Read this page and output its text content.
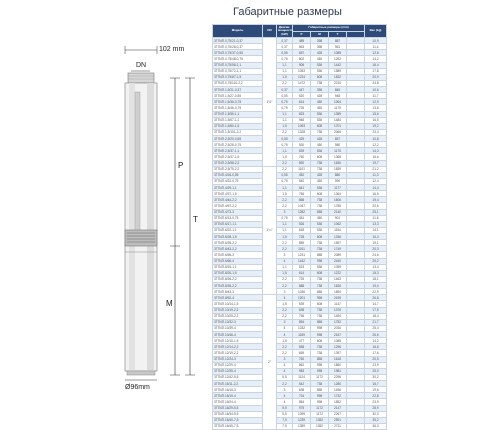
Габаритные размеры
102 mm
DN
P
T
M
Ø96mm
Модель	DN	Двиган. мощность (kW)	Габаритные размеры (mm)				Вес (kg)
			P	M	T		
3ТП4П.0,75/21-0,37	1½"	0,37	489	398	887		10,9
3ТП4П.0,75/28-0,37		0,37	563	398	961		11,4
3ТП4П.0,75/37-0,55		0,55	657	428	1085		12,8
3ТП4П.0,75/48-0,75		0,75	802	450	1252		14,2
3ТП4П.0,75/58-1,1		1,1	906	536	1442		16,4
3ТП4П.0,75/72-1,1		1,1	1053	536	1589		17,8
3ТП4П.0,75/87-1,5		1,5	1224	608	1832		20,9
3ТП4П.0,75/110-2,2		2,2	1472	738	2210		24,8
3ТП4П.1,5/21-0,37		0,37	447	398	845		10,6
3ТП4П.1,5/27-0,55		0,55	520	428	948		11,7
3ТП4П.1,5/36-0,75		0,75	614	450	1064		12,9
3ТП4П.1,5/46-0,75		0,75	725	450	1175		13,6
3ТП4П.1,5/55-1,1		1,1	823	536	1359		15,6
3ТП4П.1,5/67-1,1		1,1	948	536	1484		16,5
3ТП4П.1,5/80-1,5		1,5	1093	608	1701		19,2
3ТП4П.1,5/101-2,2		2,2	1328	738	2066		23,4
3ТП4П.2,5/20-0,55		0,55	429	428	857		10,8
3ТП4П.2,5/28-0,75		0,75	530	450	980		12,2
3ТП4П.2,5/37-1,1		1,1	639	536	1175		14,3
3ТП4П.2,5/47-1,5		1,5	760	608	1368		16,6
3ТП4П.2,5/58-2,2		2,2	892	738	1630		19,7
3ТП4П.2,5/75-2,2	1¼"	2,2	1101	738	1839		21,2
3ТП4П.4/16-0,55		0,55	452	428	880		11,3
3ТП4П.4/22-0,75		0,75	540	450	990		12,4
3ТП4П.4/29-1,1		1,1	641	536	1177		14,4
3ТП4П.4/37-1,5		1,5	756	608	1364		16,5
3ТП4П.4/44-2,2		2,2	868	738	1606		19,4
3ТП4П.4/57-2,2		2,2	1047	738	1785		20,6
3ТП4П.4/73-3		3	1282	858	2140		25,1
3ТП4П.6/13-0,75		0,75	451	450	901		11,6
3ТП4П.6/17-1,1		1,1	526	536	1062		13,3
3ТП4П.6/22-1,1		1,1	618	536	1154		14,1
3ТП4П.6/28-1,5		1,5	728	608	1336		16,3
3ТП4П.6/35-2,2		2,2	859	738	1597		19,1
3ТП4П.6/43-2,2		2,2	1011	738	1749		20,3
3ТП4П.6/55-3		3	1231	858	2089		24,6
3ТП4П.6/66-4		4	1442	998	2440		29,2
3ТП4П.8/15-1,1		1,1	523	536	1059		13,4
3ТП4П.8/20-1,5		1,5	614	608	1222		15,3
3ТП4П.8/26-2,2		2,2	725	738	1463		18,1
3ТП4П.8/35-2,2		2,2	888	738	1626		19,4
3ТП4П.8/43-3		3	1036	858	1894		22,9
3ТП4П.8/52-4	2"	4	1201	998	2199		26,8
3ТП4П.10/14-1,5		1,5	539	608	1147		14,7
3ТП4П.10/19-2,2		2,2	638	738	1376		17,5
3ТП4П.10/25-2,2		2,2	756	738	1494		18,4
3ТП4П.10/32-3		3	894	858	1752		21,7
3ТП4П.10/39-4		4	1032	998	2030		25,4
3ТП4П.10/46-4		4	1169	998	2167		26,6
3ТП4П.12/10-1,5		1,5	477	608	1085		14,2
3ТП4П.12/14-2,2		2,2	558	738	1296		16,8
3ТП4П.12/19-2,2		2,2	659	738	1397		17,6
3ТП4П.12/24-3		3	760	858	1618		20,5
3ТП4П.12/29-4		4	862	998	1860		23,9
3ТП4П.12/35-4		4	983	998	1981		25,0
3ТП4П.12/42-5,5		5,5	1124	1172	2296		30,2
3ТП4П.16/11-2,2		2,2	542	738	1280		16,7
3ТП4П.16/15-3		3	638	858	1496		19,6
3ТП4П.16/19-4		4	734	998	1732		22,8
3ТП4П.16/24-4		4	854	998	1852		23,9
3ТП4П.16/29-5,5		5,5	975	1172	2147		28,9
3ТП4П.16/34-5,5		5,5	1095	1172	2267		30,0
3ТП4П.16/40-7,5		7,5	1239	1352	2591		35,2
3ТП4П.16/45-7,5		7,5	1359	1352	2711		36,3
